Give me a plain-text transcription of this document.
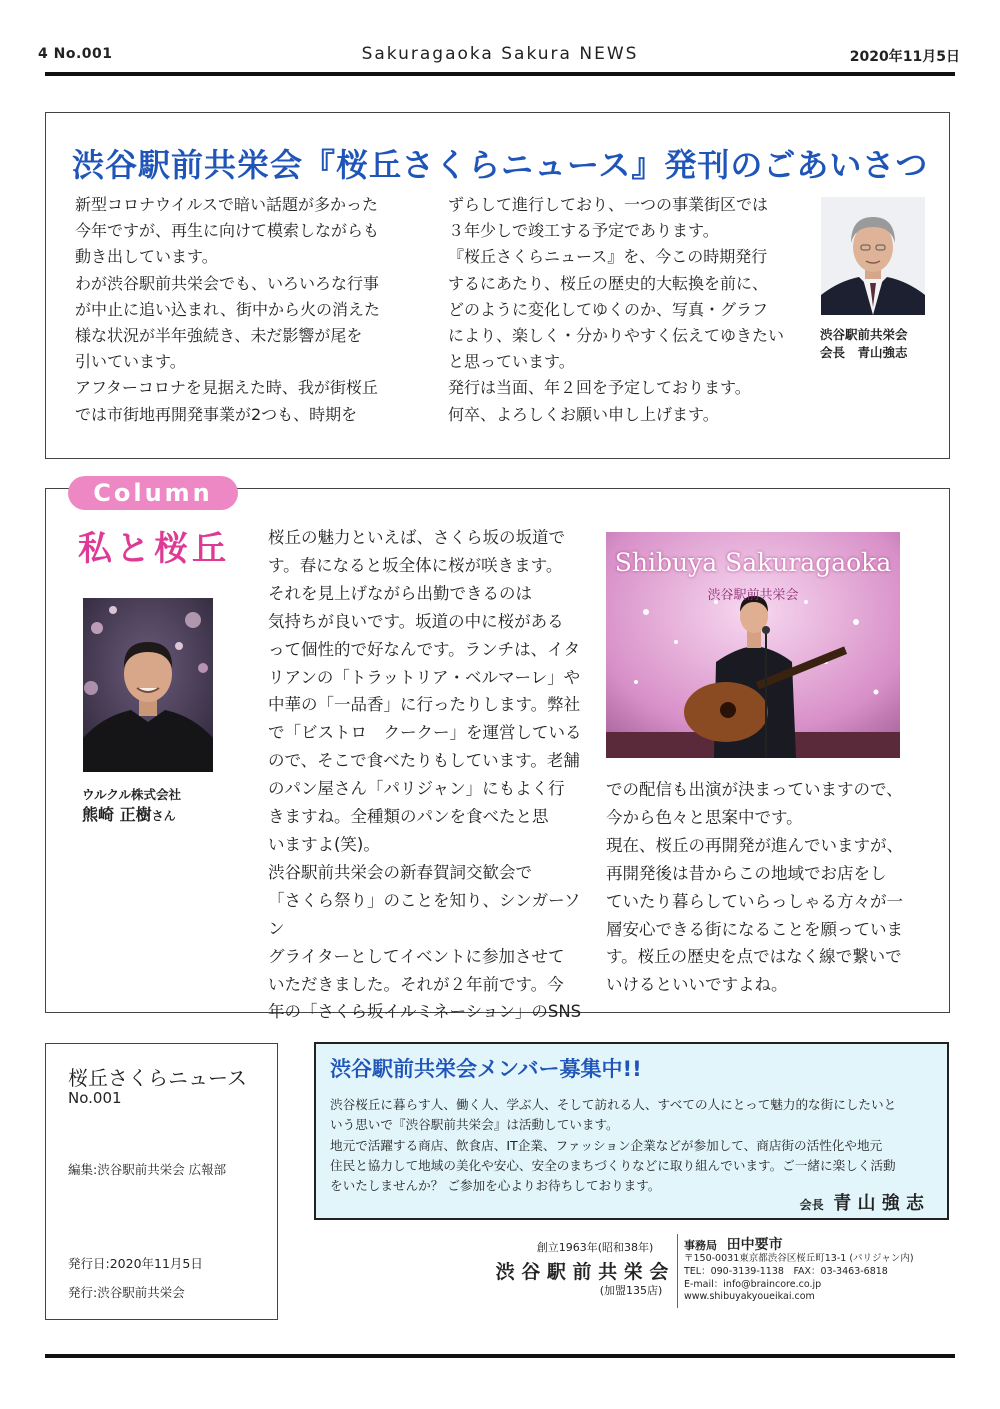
4 No.001	Sakuragaoka Sakura NEWS	2020年11月5日
渋谷駅前共栄会『桜丘さくらニュース』発刊のごあいさつ
新型コロナウイルスで暗い話題が多かった
今年ですが、再生に向けて模索しながらも
動き出しています。
わが渋谷駅前共栄会でも、いろいろな行事
が中止に追い込まれ、街中から火の消えた
様な状況が半年強続き、未だ影響が尾を
引いています。
アフターコロナを見据えた時、我が街桜丘
では市街地再開発事業が2つも、時期を
ずらして進行しており、一つの事業街区では
３年少しで竣工する予定であります。
『桜丘さくらニュース』を、今この時期発行
するにあたり、桜丘の歴史的大転換を前に、
どのように変化してゆくのか、写真・グラフ
により、楽しく・分かりやすく伝えてゆきたい
と思っています。
発行は当面、年２回を予定しております。
何卒、よろしくお願い申し上げます。
渋谷駅前共栄会
会長　青山強志
Column
私と桜丘
ウルクル株式会社
熊崎 正樹さん
桜丘の魅力といえば、さくら坂の坂道で
す。春になると坂全体に桜が咲きます。
それを見上げながら出勤できるのは
気持ちが良いです。坂道の中に桜がある
って個性的で好なんです。ランチは、イタ
リアンの「トラットリア・ベルマーレ」や
中華の「一品香」に行ったりします。弊社
で「ビストロ　クークー」を運営している
ので、そこで食べたりもしています。老舗
のパン屋さん「パリジャン」にもよく行
きますね。全種類のパンを食べたと思
いますよ(笑)。
渋谷駅前共栄会の新春賀詞交歓会で
「さくら祭り」のことを知り、シンガーソン
グライターとしてイベントに参加させて
いただきました。それが２年前です。今
年の「さくら坂イルミネーション」のSNS
Shibuya Sakuragaoka
渋谷駅前共栄会
での配信も出演が決まっていますので、
今から色々と思案中です。
現在、桜丘の再開発が進んでいますが、
再開発後は昔からこの地域でお店をし
ていたり暮らしていらっしゃる方々が一
層安心できる街になることを願っていま
す。桜丘の歴史を点ではなく線で繋いで
いけるといいですよね。
桜丘さくらニュース
No.001
編集:渋谷駅前共栄会 広報部
発行日:2020年11月5日
発行:渋谷駅前共栄会
渋谷駅前共栄会メンバー募集中!!
渋谷桜丘に暮らす人、働く人、学ぶ人、そして訪れる人、すべての人にとって魅力的な街にしたいと
いう思いで『渋谷駅前共栄会』は活動しています。
地元で活躍する商店、飲食店、IT企業、ファッション企業などが参加して、商店街の活性化や地元
住民と協力して地域の美化や安心、安全のまちづくりなどに取り組んでいます。ご一緒に楽しく活動
をいたしませんか？ ご参加を心よりお待ちしております。
会長 青 山 強 志
創立1963年(昭和38年)
渋 谷 駅 前 共 栄 会
(加盟135店)
事務局 田中要市
〒150-0031東京都渋谷区桜丘町13-1 (パリジャン内)
TEL：090-3139-1138　FAX：03-3463-6818
E-mail：info@braincore.co.jp
www.shibuyakyoueikai.com
